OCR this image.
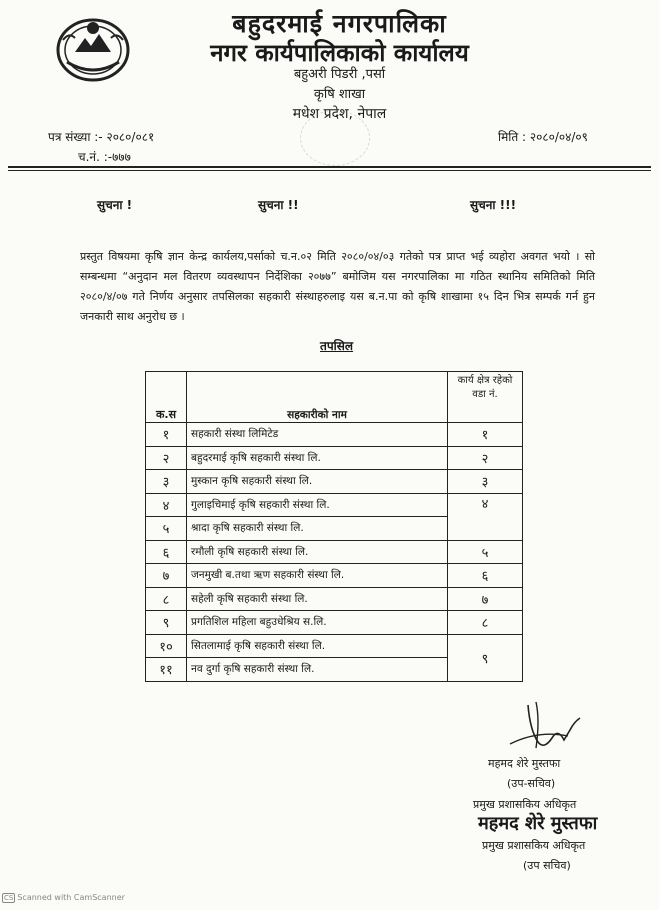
बहुदरमाई नगरपालिका
नगर कार्यपालिकाको कार्यालय
बहुअरी पिडरी ,पर्सा
कृषि शाखा
मधेश प्रदेश, नेपाल
पत्र संख्या :- २०८०/०८१
च.नं. :-७७७
मिति : २०८०/०४/०९
सुचना !	सुचना !!	सुचना !!!
प्रस्तुत विषयमा कृषि ज्ञान केन्द्र कार्यलय,पर्साको च.न.०२ मिति २०८०/०४/०३ गतेको पत्र प्राप्त भई व्यहोरा अवगत भयो । सो सम्बन्धमा “अनुदान मल वितरण व्यवस्थापन निर्देशिका २०७७” बमोजिम यस नगरपालिका मा गठित स्थानिय समितिको मिति २०८०/४/०७ गते निर्णय अनुसार तपसिलका सहकारी संस्थाहरुलाइ यस ब.न.पा को कृषि शाखामा १५ दिन भित्र सम्पर्क गर्न हुन जनकारी साथ अनुरोध छ ।
तपसिल
क.स	सहकारीको नाम	कार्य क्षेत्र रहेको वडा नं.
१	सहकारी संस्था लिमिटेड	१
२	बहुदरमाई कृषि सहकारी संस्था लि.	२
३	मुस्कान कृषि सहकारी संस्था लि.	३
४	गुलाइचिमाई कृषि सहकारी संस्था लि.	४
५	श्रादा कृषि सहकारी संस्था लि.	
६	रमौली कृषि सहकारी संस्था लि.	५
७	जनमुखी ब.तथा ऋण सहकारी संस्था लि.	६
८	सहेली कृषि सहकारी संस्था लि.	७
९	प्रगतिशिल महिला बहुउधेश्रिय स.लि.	८
१०	सितलामाई कृषि सहकारी संस्था लि.	९
११	नव दुर्गा कृषि सहकारी संस्था लि.	
महमद शेरे मुस्तफा
(उप-सचिव)
प्रमुख प्रशासकिय अधिकृत
महमद शेरे मुस्तफा
प्रमुख प्रशासकिय अधिकृत
(उप सचिव)
CS Scanned with CamScanner
